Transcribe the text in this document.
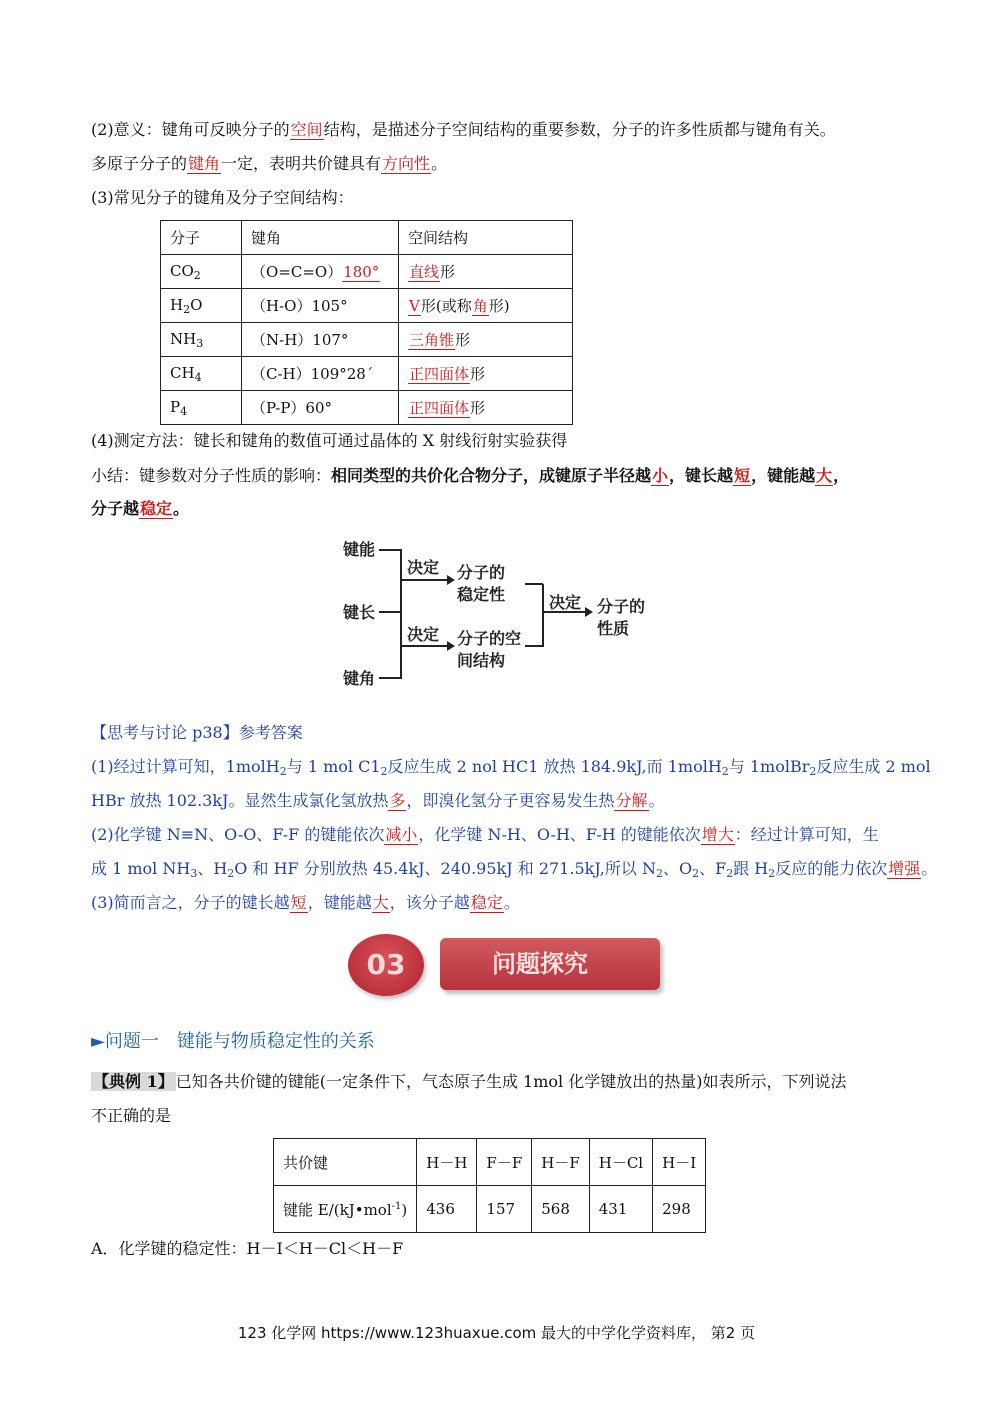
(2)意义：键角可反映分子的空间结构，是描述分子空间结构的重要参数，分子的许多性质都与键角有关。
多原子分子的键角一定，表明共价键具有方向性。
(3)常见分子的键角及分子空间结构：
分子	键角	空间结构
$CO_2$	（O=C=O）180°	直线形
$H_2O$	（H-O）105°	V形(或称角形)
$NH_3$	（N-H）107°	三角锥形
$CH_4$	（C-H）109°28´	正四面体形
$P_4$	（P-P）60°	正四面体形
(4)测定方法：键长和键角的数值可通过晶体的 X 射线衍射实验获得
小结：键参数对分子性质的影响：相同类型的共价化合物分子，成键原子半径越小，键长越短，键能越大，
分子越稳定。
键能
键长
键角
决定
决定
决定
分子的
稳定性
分子的空
间结构
分子的
性质
【思考与讨论 p38】参考答案
(1)经过计算可知，1molH$_2$与 1 mol $C1_2$反应生成 2 nol HC1 放热 184.9kJ,而 1molH$_2$与 1molBr$_2$反应生成 2 mol
HBr 放热 102.3kJ。显然生成氯化氢放热多，即溴化氢分子更容易发生热分解。
(2)化学键 N≡N、O-O、F-F 的键能依次减小，化学键 N-H、O-H、F-H 的键能依次增大：经过计算可知，生
成 1 mol $NH_3$、$H_2O$ 和 HF 分别放热 45.4kJ、240.95kJ 和 271.5kJ,所以 $N_2$、$O_2$、$F_2$跟 $H_2$反应的能力依次增强。
(3)简而言之，分子的键长越短，键能越大，该分子越稳定。
03	问题探究
►问题一　键能与物质稳定性的关系
【典例 1】 已知各共价键的键能(一定条件下，气态原子生成 1mol 化学键放出的热量)如表所示，下列说法
不正确的是
共价键	H－H	F－F	H－F	H－Cl	H－I
键能 E/(kJ•mol$^{-1}$)	436	157	568	431	298
A．化学键的稳定性：H－I＜H－Cl＜H－F
123 化学网 https://www.123huaxue.com 最大的中学化学资料库， 第2 页
